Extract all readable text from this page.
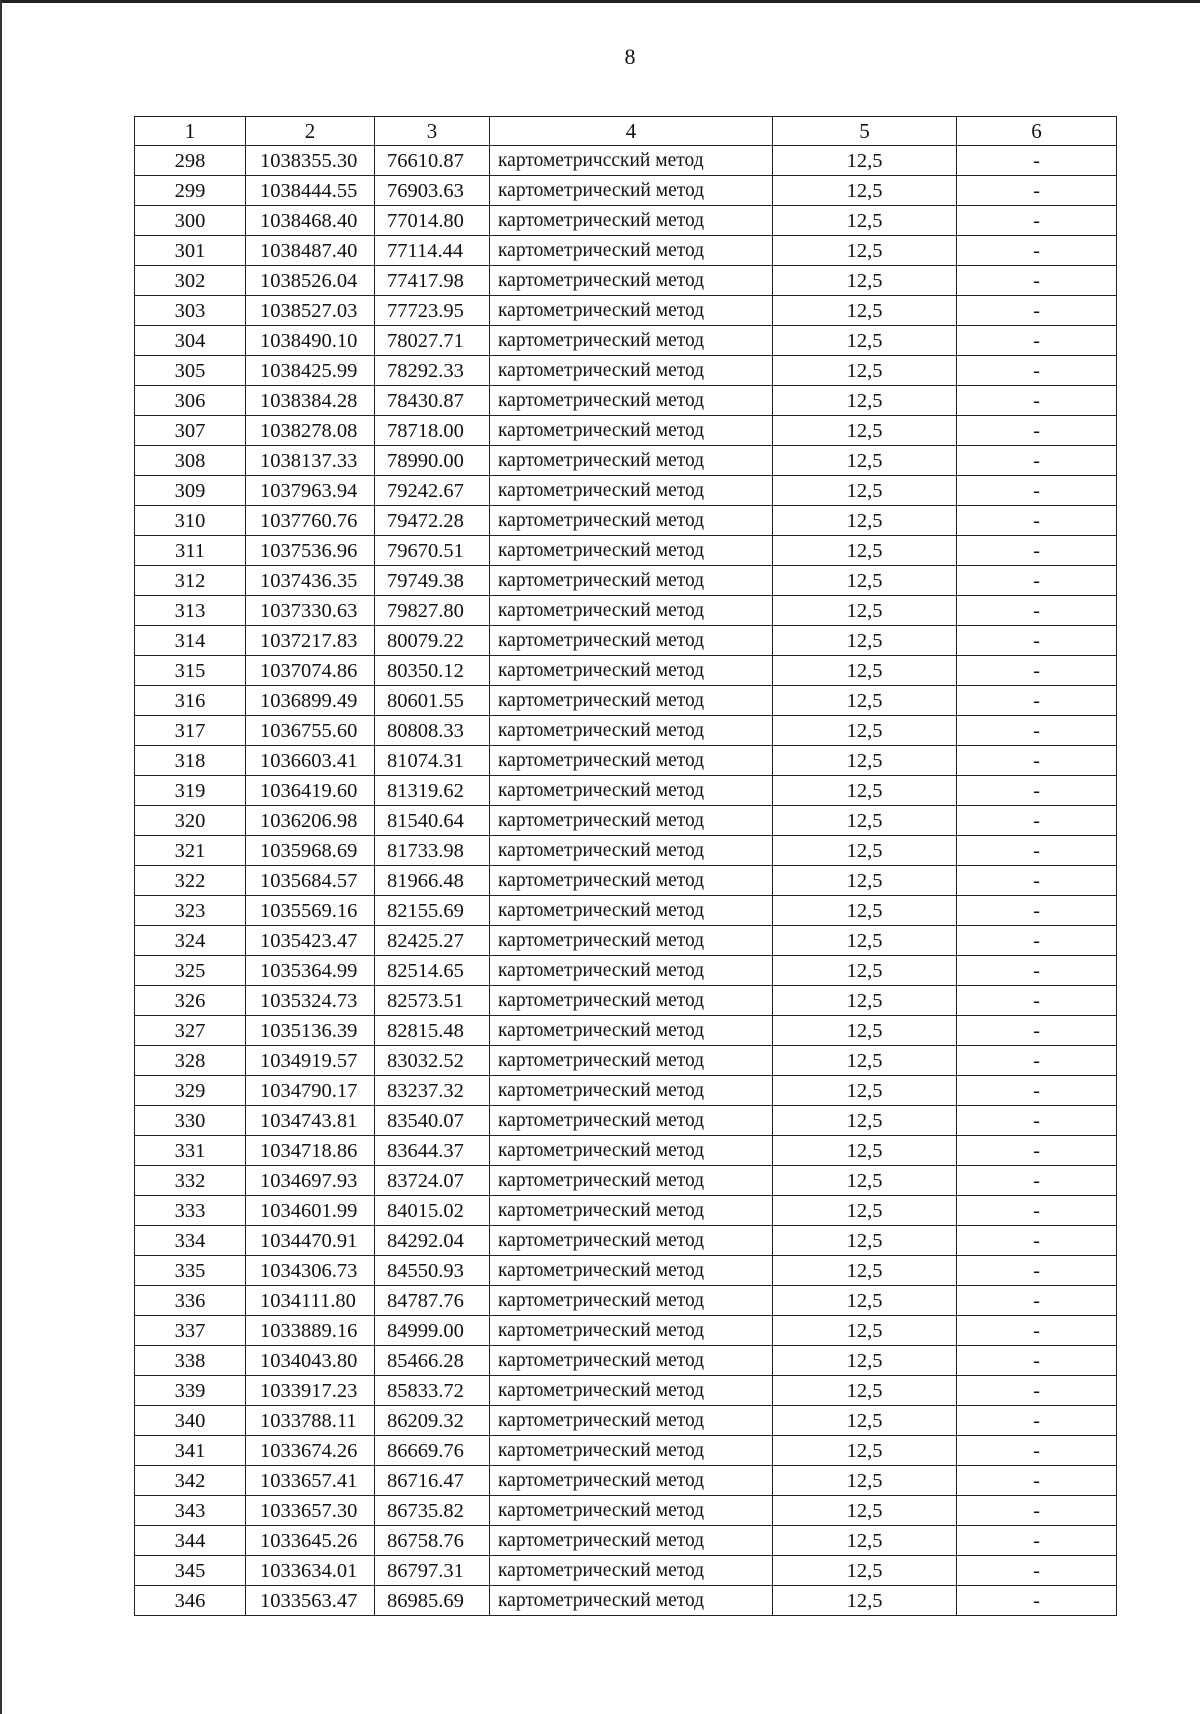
8
1	2	3	4	5	6
298	1038355.30	76610.87	картометричсский метод	12,5	-
299	1038444.55	76903.63	картометрический метод	12,5	-
300	1038468.40	77014.80	картометрический метод	12,5	-
301	1038487.40	77114.44	картометрический метод	12,5	-
302	1038526.04	77417.98	картометрический метод	12,5	-
303	1038527.03	77723.95	картометрический метод	12,5	-
304	1038490.10	78027.71	картометрический метод	12,5	-
305	1038425.99	78292.33	картометрический метод	12,5	-
306	1038384.28	78430.87	картометрический метод	12,5	-
307	1038278.08	78718.00	картометрический метод	12,5	-
308	1038137.33	78990.00	картометрический метод	12,5	-
309	1037963.94	79242.67	картометрический метод	12,5	-
310	1037760.76	79472.28	картометрический метод	12,5	-
311	1037536.96	79670.51	картометрический метод	12,5	-
312	1037436.35	79749.38	картометрический метод	12,5	-
313	1037330.63	79827.80	картометрический метод	12,5	-
314	1037217.83	80079.22	картометрический метод	12,5	-
315	1037074.86	80350.12	картометрический метод	12,5	-
316	1036899.49	80601.55	картометрический метод	12,5	-
317	1036755.60	80808.33	картометрический метод	12,5	-
318	1036603.41	81074.31	картометрический метод	12,5	-
319	1036419.60	81319.62	картометрический метод	12,5	-
320	1036206.98	81540.64	картометрический метод	12,5	-
321	1035968.69	81733.98	картометрический метод	12,5	-
322	1035684.57	81966.48	картометрический метод	12,5	-
323	1035569.16	82155.69	картометрический метод	12,5	-
324	1035423.47	82425.27	картометрический метод	12,5	-
325	1035364.99	82514.65	картометрический метод	12,5	-
326	1035324.73	82573.51	картометрический метод	12,5	-
327	1035136.39	82815.48	картометрический метод	12,5	-
328	1034919.57	83032.52	картометрический метод	12,5	-
329	1034790.17	83237.32	картометрический метод	12,5	-
330	1034743.81	83540.07	картометрический метод	12,5	-
331	1034718.86	83644.37	картометрический метод	12,5	-
332	1034697.93	83724.07	картометрический метод	12,5	-
333	1034601.99	84015.02	картометрический метод	12,5	-
334	1034470.91	84292.04	картометрический метод	12,5	-
335	1034306.73	84550.93	картометрический метод	12,5	-
336	1034111.80	84787.76	картометрический метод	12,5	-
337	1033889.16	84999.00	картометрический метод	12,5	-
338	1034043.80	85466.28	картометрический метод	12,5	-
339	1033917.23	85833.72	картометрический метод	12,5	-
340	1033788.11	86209.32	картометрический метод	12,5	-
341	1033674.26	86669.76	картометрический метод	12,5	-
342	1033657.41	86716.47	картометрический метод	12,5	-
343	1033657.30	86735.82	картометрический метод	12,5	-
344	1033645.26	86758.76	картометрический метод	12,5	-
345	1033634.01	86797.31	картометрический метод	12,5	-
346	1033563.47	86985.69	картометрический метод	12,5	-
